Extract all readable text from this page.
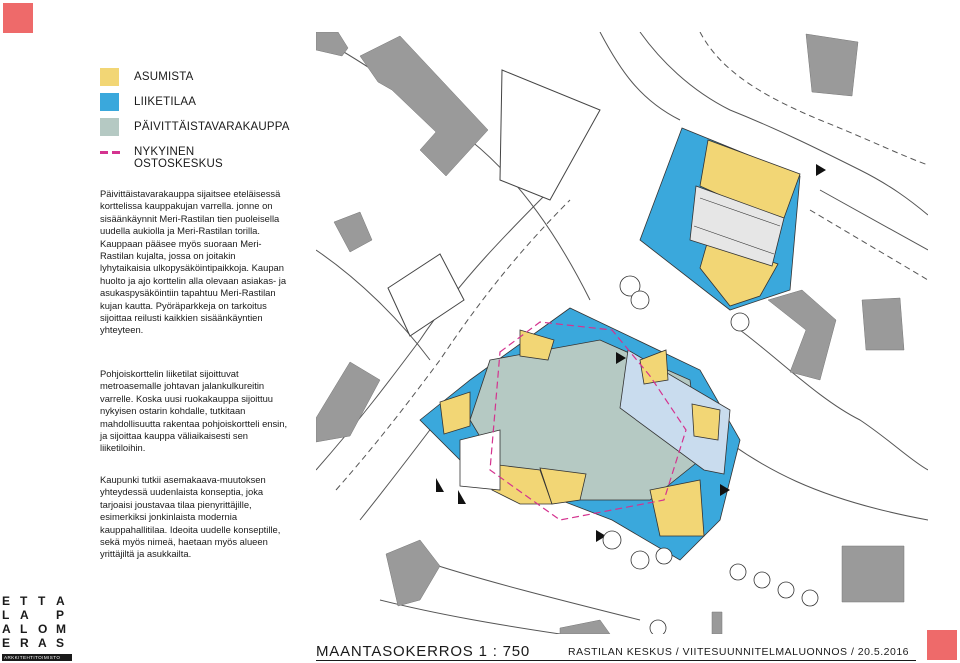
ASUMISTA
LIIKETILAA
PÄIVITTÄISTAVARAKAUPPA
NYKYINEN OSTOSKESKUS

Päivittäistavarakauppa sijaitsee eteläisessä korttelissa kauppakujan varrella. jonne on sisäänkäynnit Meri-Rastilan tien puoleisella uudella aukiolla ja Meri-Rastilan torilla. Kauppaan pääsee myös suoraan Meri-Rastilan kujalta, jossa on joitakin lyhytaikaisia ulkopysäköintipaikkoja. Kaupan huolto ja ajo korttelin alla olevaan asiakas- ja asukaspysäköintiin tapahtuu Meri-Rastilan kujan kautta. Pyöräparkkeja on tarkoitus sijoittaa reilusti kaikkien sisäänkäyntien yhteyteen.

Pohjoiskorttelin liiketilat sijoittuvat metroasemalle johtavan jalankulkureitin varrelle. Koska uusi ruokakauppa sijoittuu nykyisen ostarin kohdalle, tutkitaan mahdollisuutta rakentaa pohjoiskortteli ensin, ja sijoittaa kauppa väliaikaisesti sen liiketiloihin.

Kaupunki tutkii asemakaava-muutoksen yhteydessä uudenlaista konseptia, joka tarjoaisi joustavaa tilaa pienyrittäjille, esimerkiksi jonkinlaista modernia kauppahallitilaa. Ideoita uudelle konseptille, sekä myös nimeä, haetaan myös alueen yrittäjiltä ja asukkailta.

E T T A
L A	P
A L O M
E R A S
ARKKITEHTITOIMISTO	MAANTASOKERROS 1 : 750	RASTILAN KESKUS / VIITESUUNNITELMALUONNOS / 20.5.2016
